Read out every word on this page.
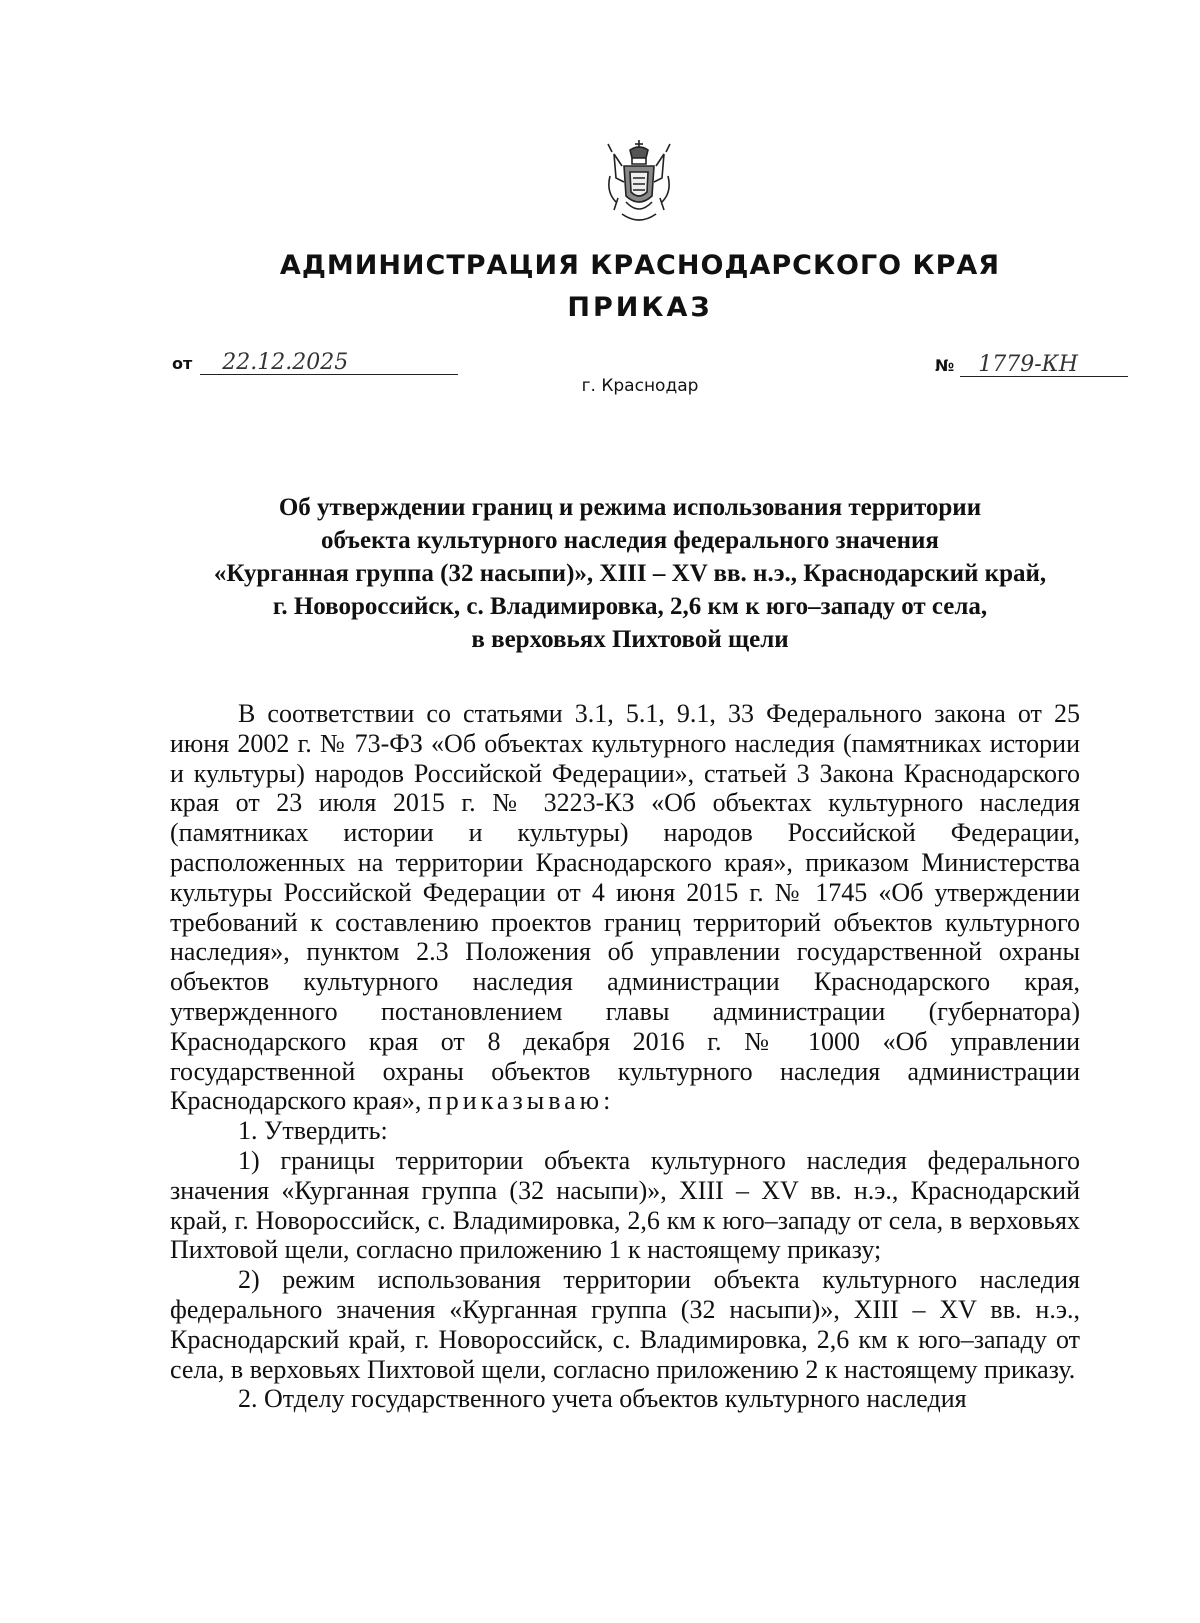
АДМИНИСТРАЦИЯ КРАСНОДАРСКОГО КРАЯ
ПРИКАЗ
от 22.12.2025	№ 1779-КН

г. Краснодар

Об утверждении границ и режима использования территории
объекта культурного наследия федерального значения
«Курганная группа (32 насыпи)», XIII – XV вв. н.э., Краснодарский край,
г. Новороссийск, с. Владимировка, 2,6 км к юго–западу от села,
в верховьях Пихтовой щели

В соответствии со статьями 3.1, 5.1, 9.1, 33 Федерального закона от 25 июня 2002 г. № 73-ФЗ «Об объектах культурного наследия (памятниках истории и культуры) народов Российской Федерации», статьей 3 Закона Краснодарского края от 23 июля 2015 г. № 3223-КЗ «Об объектах культурного наследия (памятниках истории и культуры) народов Российской Федерации, расположенных на территории Краснодарского края», приказом Министерства культуры Российской Федерации от 4 июня 2015 г. № 1745 «Об утверждении требований к составлению проектов границ территорий объектов культурного наследия», пунктом 2.3 Положения об управлении государственной охраны объектов культурного наследия администрации Краснодарского края, утвержденного постановлением главы администрации (губернатора) Краснодарского края от 8 декабря 2016 г. № 1000 «Об управлении государственной охраны объектов культурного наследия администрации Краснодарского края», приказываю:

1. Утвердить:

1) границы территории объекта культурного наследия федерального значения «Курганная группа (32 насыпи)», XIII – XV вв. н.э., Краснодарский край, г. Новороссийск, с. Владимировка, 2,6 км к юго–западу от села, в верховьях Пихтовой щели, согласно приложению 1 к настоящему приказу;

2) режим использования территории объекта культурного наследия федерального значения «Курганная группа (32 насыпи)», XIII – XV вв. н.э., Краснодарский край, г. Новороссийск, с. Владимировка, 2,6 км к юго–западу от села, в верховьях Пихтовой щели, согласно приложению 2 к настоящему приказу.

2. Отделу государственного учета объектов культурного наследия
